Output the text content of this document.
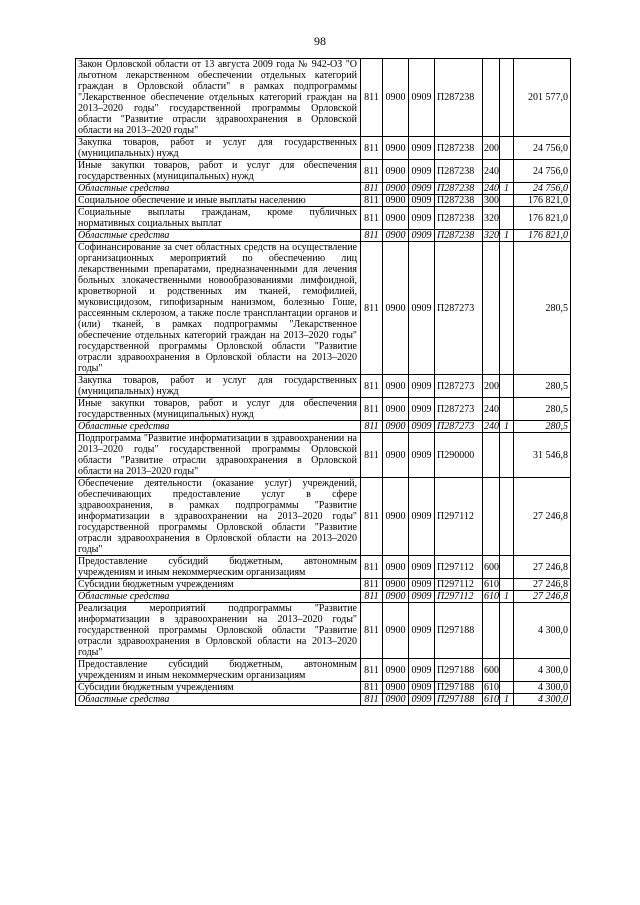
98
Закон Орловской области от 13 августа 2009 года № 942-ОЗ "О льготном лекарственном обеспечении отдельных категорий граждан в Орловской области" в рамках подпрограммы "Лекарственное обеспечение отдельных категорий граждан на 2013–2020 годы" государственной программы Орловской области "Развитие отрасли здравоохранения в Орловской области на 2013–2020 годы"	811	0900	0909	П287238			201 577,0
Закупка товаров, работ и услуг для государственных (муниципальных) нужд	811	0900	0909	П287238	200		24 756,0
Иные закупки товаров, работ и услуг для обеспечения государственных (муниципальных) нужд	811	0900	0909	П287238	240		24 756,0
Областные средства	811	0900	0909	П287238	240	1	24 756,0
Социальное обеспечение и иные выплаты населению	811	0900	0909	П287238	300		176 821,0
Социальные выплаты гражданам, кроме публичных нормативных социальных выплат	811	0900	0909	П287238	320		176 821,0
Областные средства	811	0900	0909	П287238	320	1	176 821,0
Софинансирование за счет областных средств на осуществление организационных мероприятий по обеспечению лиц лекарственными препаратами, предназначенными для лечения больных злокачественными новообразованиями лимфоидной, кроветворной и родственных им тканей, гемофилией, муковисцидозом, гипофизарным нанизмом, болезнью Гоше, рассеянным склерозом, а также после трансплантации органов и (или) тканей, в рамках подпрограммы "Лекарственное обеспечение отдельных категорий граждан на 2013–2020 годы" государственной программы Орловской области "Развитие отрасли здравоохранения в Орловской области на 2013–2020 годы"	811	0900	0909	П287273			280,5
Закупка товаров, работ и услуг для государственных (муниципальных) нужд	811	0900	0909	П287273	200		280,5
Иные закупки товаров, работ и услуг для обеспечения государственных (муниципальных) нужд	811	0900	0909	П287273	240		280,5
Областные средства	811	0900	0909	П287273	240	1	280,5
Подпрограмма "Развитие информатизации в здравоохранении на 2013–2020 годы" государственной программы Орловской области "Развитие отрасли здравоохранения в Орловской области на 2013–2020 годы"	811	0900	0909	П290000			31 546,8
Обеспечение деятельности (оказание услуг) учреждений, обеспечивающих предоставление услуг в сфере здравоохранения, в рамках подпрограммы "Развитие информатизации в здравоохранении на 2013–2020 годы" государственной программы Орловской области "Развитие отрасли здравоохранения в Орловской области на 2013–2020 годы"	811	0900	0909	П297112			27 246,8
Предоставление субсидий бюджетным, автономным учреждениям и иным некоммерческим организациям	811	0900	0909	П297112	600		27 246,8
Субсидии бюджетным учреждениям	811	0900	0909	П297112	610		27 246,8
Областные средства	811	0900	0909	П297112	610	1	27 246,8
Реализация мероприятий подпрограммы "Развитие информатизации в здравоохранении на 2013–2020 годы" государственной программы Орловской области "Развитие отрасли здравоохранения в Орловской области на 2013–2020 годы"	811	0900	0909	П297188			4 300,0
Предоставление субсидий бюджетным, автономным учреждениям и иным некоммерческим организациям	811	0900	0909	П297188	600		4 300,0
Субсидии бюджетным учреждениям	811	0900	0909	П297188	610		4 300,0
Областные средства	811	0900	0909	П297188	610	1	4 300,0
